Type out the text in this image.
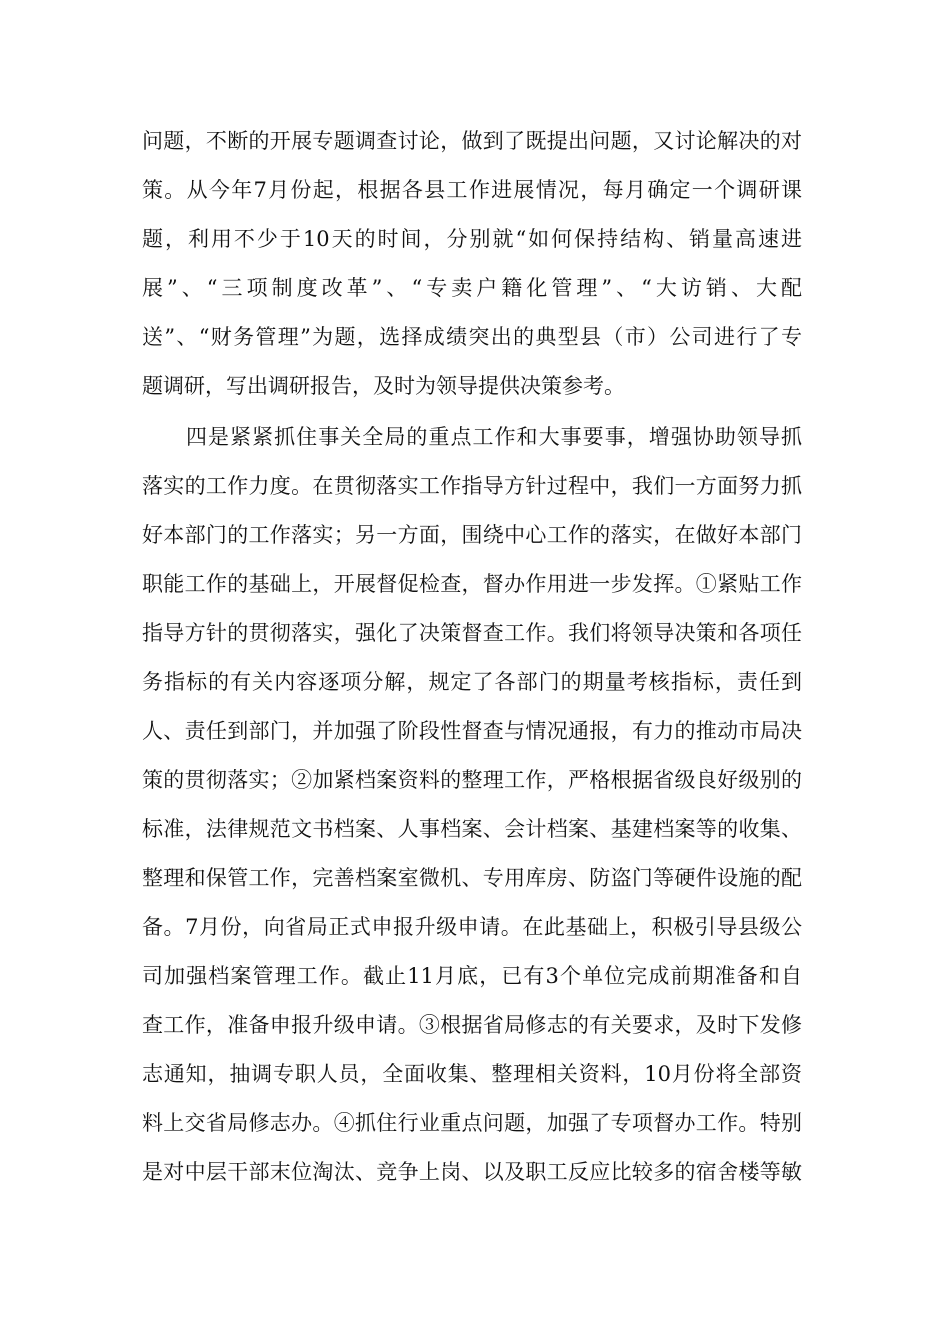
问题，不断的开展专题调查讨论，做到了既提出问题，又讨论解决的对
策。从今年7月份起，根据各县工作进展情况，每月确定一个调研课
题，利用不少于10天的时间，分别就“如何保持结构、销量高速进
展”、“三项制度改革”、“专卖户籍化管理”、“大访销、大配
送”、“财务管理”为题，选择成绩突出的典型县（市）公司进行了专
题调研，写出调研报告，及时为领导提供决策参考。
四是紧紧抓住事关全局的重点工作和大事要事，增强协助领导抓
落实的工作力度。在贯彻落实工作指导方针过程中，我们一方面努力抓
好本部门的工作落实；另一方面，围绕中心工作的落实，在做好本部门
职能工作的基础上，开展督促检查，督办作用进一步发挥。①紧贴工作
指导方针的贯彻落实，强化了决策督查工作。我们将领导决策和各项任
务指标的有关内容逐项分解，规定了各部门的期量考核指标，责任到
人、责任到部门，并加强了阶段性督查与情况通报，有力的推动市局决
策的贯彻落实；②加紧档案资料的整理工作，严格根据省级良好级别的
标准，法律规范文书档案、人事档案、会计档案、基建档案等的收集、
整理和保管工作，完善档案室微机、专用库房、防盗门等硬件设施的配
备。7月份，向省局正式申报升级申请。在此基础上，积极引导县级公
司加强档案管理工作。截止11月底，已有3个单位完成前期准备和自
查工作，准备申报升级申请。③根据省局修志的有关要求，及时下发修
志通知，抽调专职人员，全面收集、整理相关资料，10月份将全部资
料上交省局修志办。④抓住行业重点问题，加强了专项督办工作。特别
是对中层干部末位淘汰、竞争上岗、以及职工反应比较多的宿舍楼等敏
